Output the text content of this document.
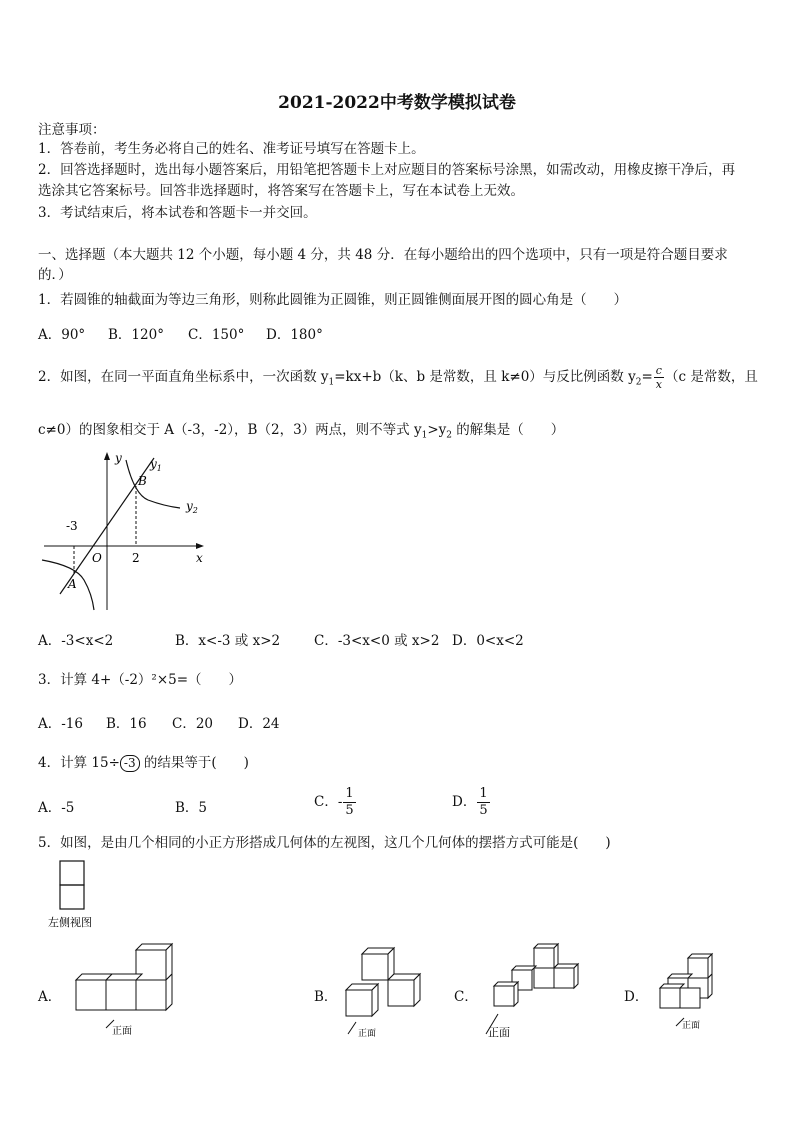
2021-2022中考数学模拟试卷
注意事项：
1．答卷前，考生务必将自己的姓名、准考证号填写在答题卡上。
2．回答选择题时，选出每小题答案后，用铅笔把答题卡上对应题目的答案标号涂黑，如需改动，用橡皮擦干净后，再
选涂其它答案标号。回答非选择题时，将答案写在答题卡上，写在本试卷上无效。
3．考试结束后，将本试卷和答题卡一并交回。
一、选择题（本大题共 12 个小题，每小题 4 分，共 48 分．在每小题给出的四个选项中，只有一项是符合题目要求
的．）
1．若圆锥的轴截面为等边三角形，则称此圆锥为正圆锥，则正圆锥侧面展开图的圆心角是（　　）
A．90° B．120° C．150° D．180°
2．如图，在同一平面直角坐标系中，一次函数 $y_1=kx+b(k$、b 是常数，且 k≠0）与反比例函数 $y_2= \frac{c}{x} (c$ 是常数，且
c≠0）的图象相交于 A（-3，-2），B（2，3）两点，则不等式 $y_1>y_2$ 的解集是（　　）
y
x
O
-3
2
B
A
$y_1$
$y_2$
A．-3<x<2	B．x<-3 或 x>2	C．-3<x<0 或 x>2 D．0<x<2
3．计算 4+（-2）²×5=（　　）
A．-16 B．16 C．20 D．24
4．计算 15÷ -3 的结果等于(　　)
A．-5	B．5	C．- $\frac{1}{5}$	D． $\frac{1}{5}$
5．如图，是由几个相同的小正方形搭成几何体的左视图，这几个几何体的摆搭方式可能是(　　)
左侧视图
A．
正面
B．
正面
C．
正面
D．
正面
